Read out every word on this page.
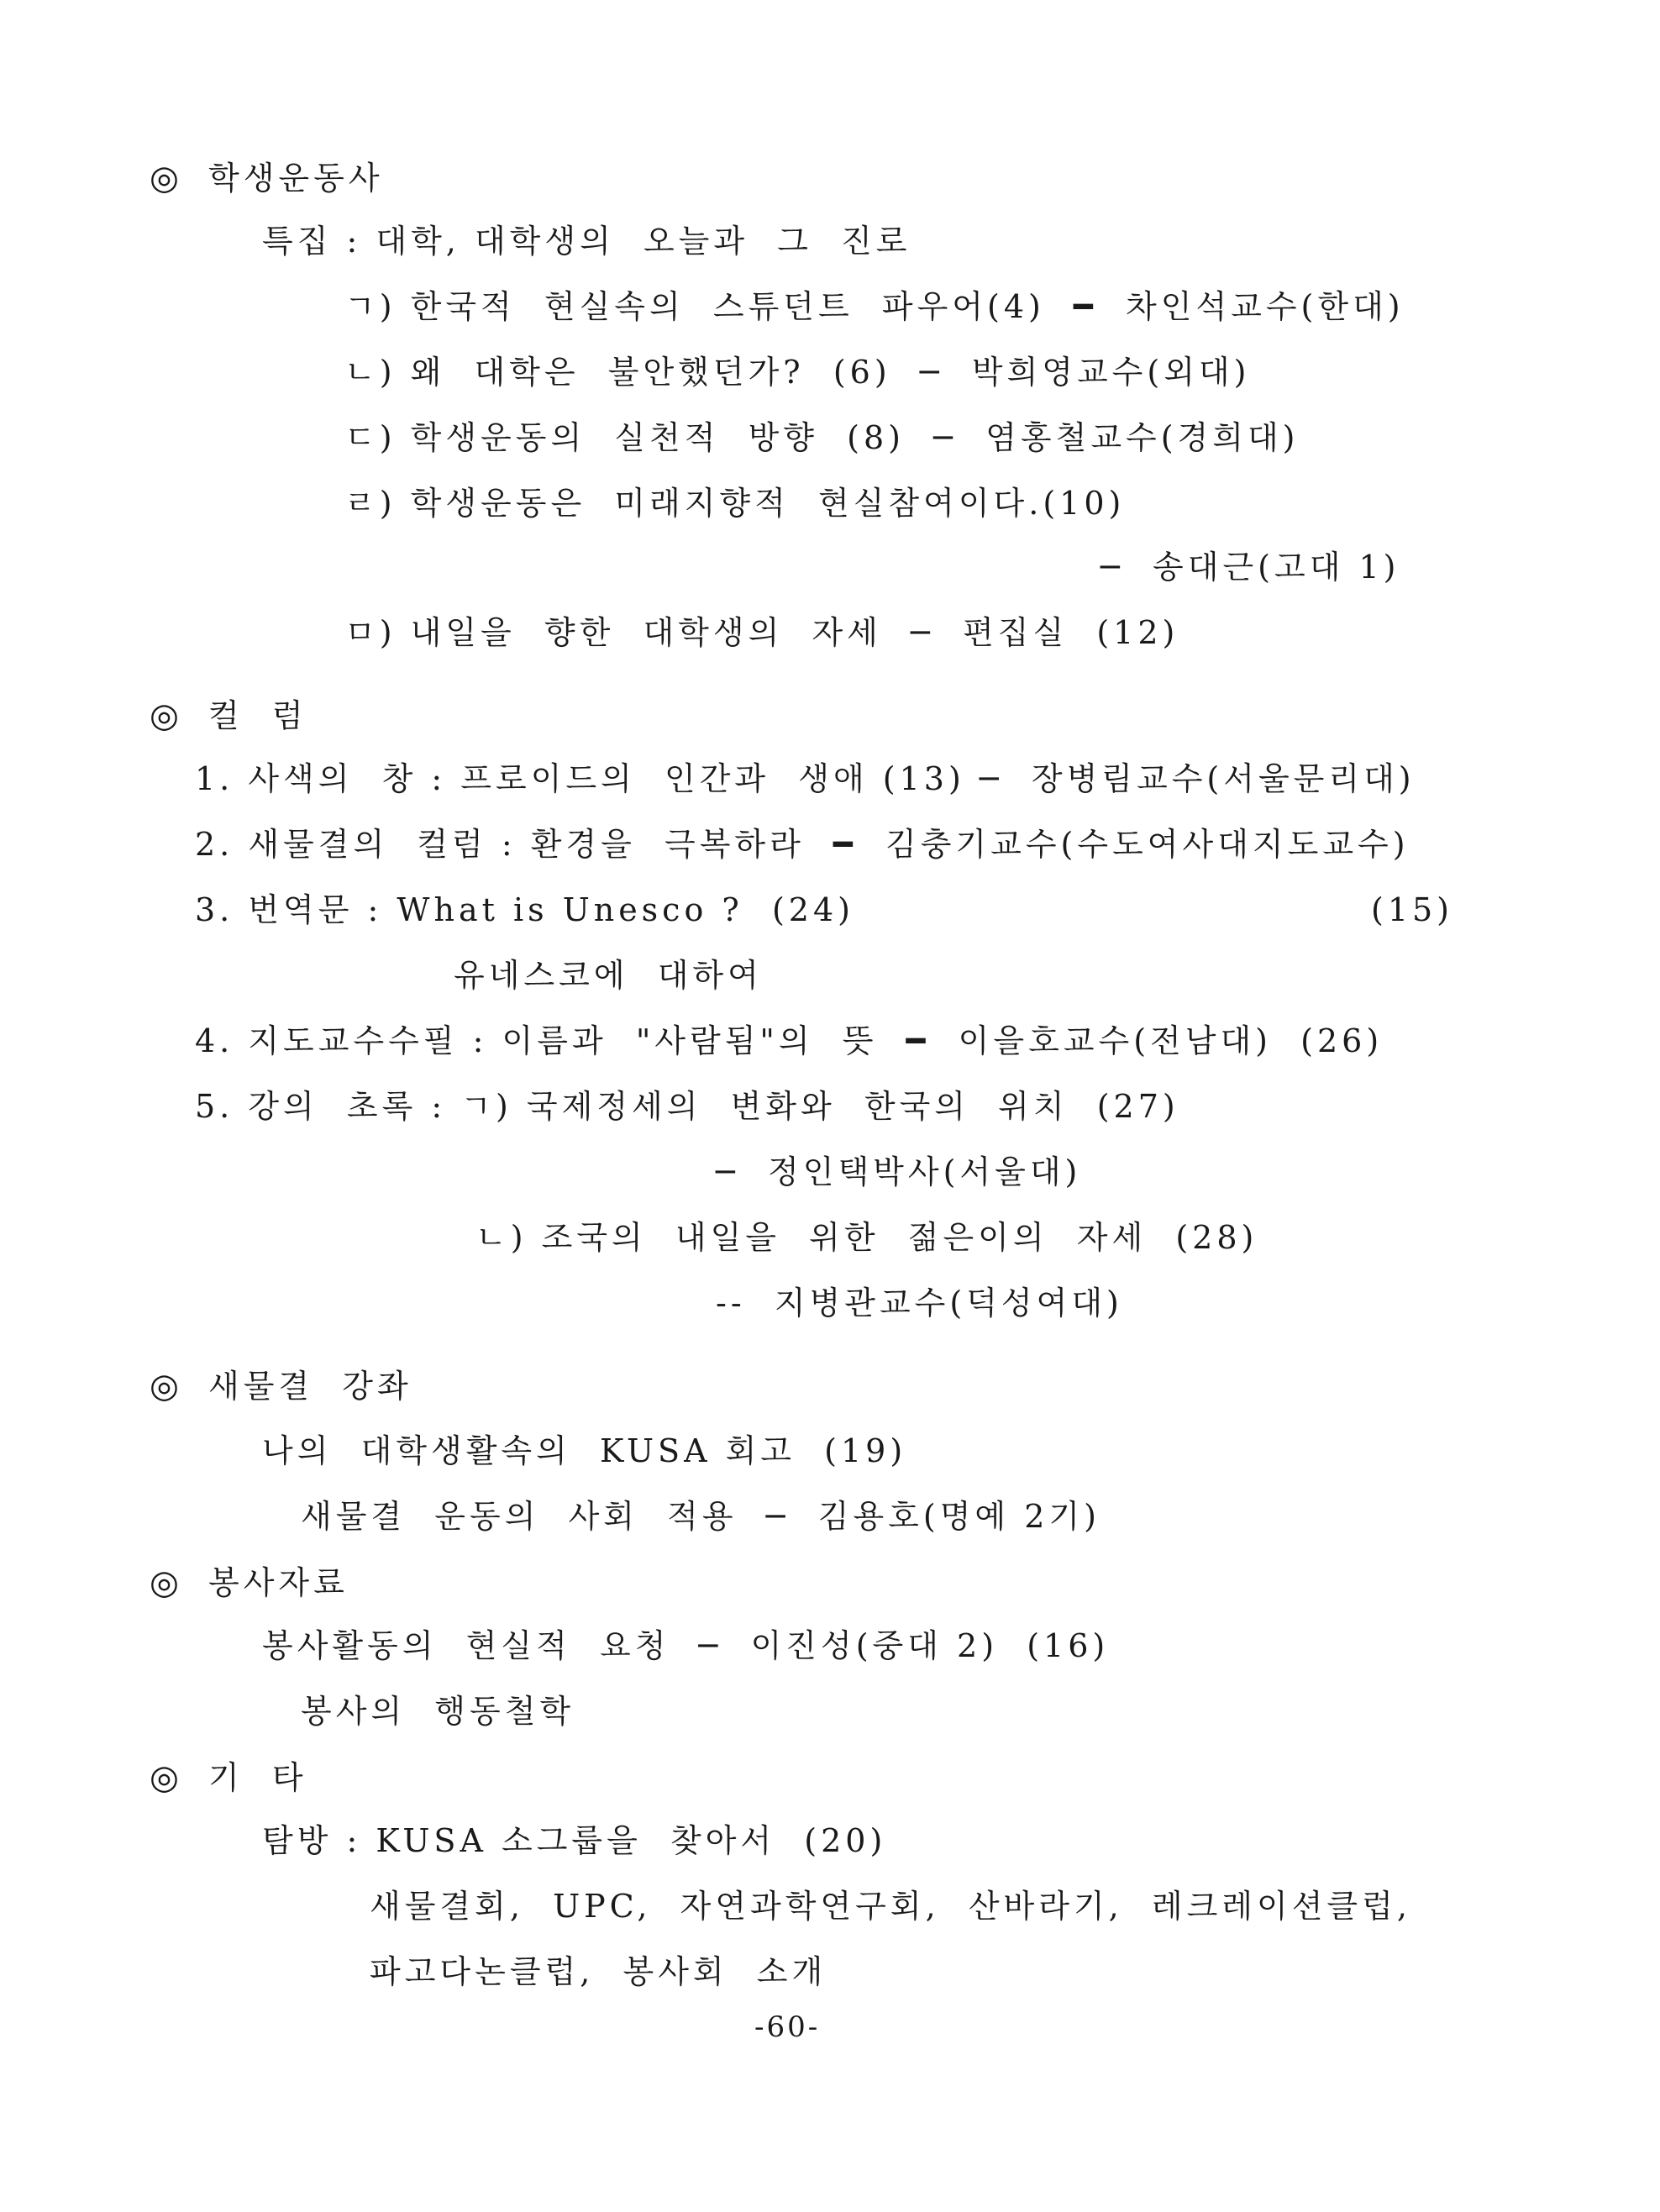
◎ 학생운동사
특집 : 대학, 대학생의  오늘과  그  진로
ㄱ) 한국적  현실속의  스튜던트  파우어(4)  ━  차인석교수(한대)
ㄴ) 왜  대학은  불안했던가?  (6)  ─  박희영교수(외대)
ㄷ) 학생운동의  실천적  방향  (8)  ─  염홍철교수(경희대)
ㄹ) 학생운동은  미래지향적  현실참여이다.(10)
─  송대근(고대 1)
ㅁ) 내일을  향한  대학생의  자세  ─  편집실  (12)
◎ 컬  럼
1. 사색의  창 : 프로이드의  인간과  생애 (13) ─  장병림교수(서울문리대)
2. 새물결의  컬럼 : 환경을  극복하라  ━  김충기교수(수도여사대지도교수)
3. 번역문 : What is Unesco ?  (24)	(15)
유네스코에  대하여
4. 지도교수수필 : 이름과  "사람됨"의  뜻  ━  이을호교수(전남대)  (26)
5. 강의  초록 : ㄱ) 국제정세의  변화와  한국의  위치  (27)
─  정인택박사(서울대)
ㄴ) 조국의  내일을  위한  젊은이의  자세  (28)
--  지병관교수(덕성여대)
◎ 새물결  강좌
나의  대학생활속의  KUSA 회고  (19)
새물결  운동의  사회  적용  ─  김용호(명예 2기)
◎ 봉사자료
봉사활동의  현실적  요청  ─  이진성(중대 2)  (16)
봉사의  행동철학
◎ 기  타
탐방 : KUSA 소그룹을  찾아서  (20)
새물결회,  UPC,  자연과학연구회,  산바라기,  레크레이션클럽,
파고다논클럽,  봉사회  소개
-60-
